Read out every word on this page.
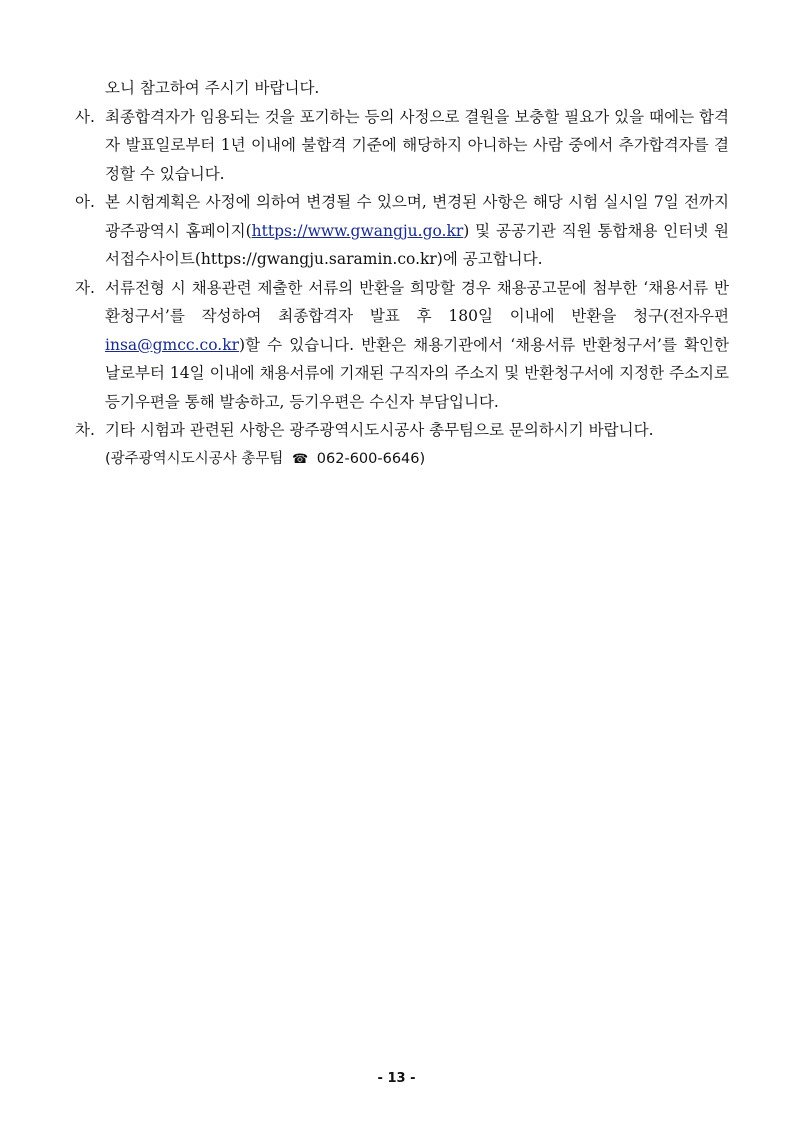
오니 참고하여 주시기 바랍니다.
사. 최종합격자가 임용되는 것을 포기하는 등의 사정으로 결원을 보충할 필요가 있을 때에는 합격자 발표일로부터 1년 이내에 불합격 기준에 해당하지 아니하는 사람 중에서 추가합격자를 결정할 수 있습니다.
아. 본 시험계획은 사정에 의하여 변경될 수 있으며, 변경된 사항은 해당 시험 실시일 7일 전까지 광주광역시 홈페이지(https://www.gwangju.go.kr) 및 공공기관 직원 통합채용 인터넷 원서접수사이트(https://gwangju.saramin.co.kr)에 공고합니다.
자. 서류전형 시 채용관련 제출한 서류의 반환을 희망할 경우 채용공고문에 첨부한 ‘채용서류 반환청구서’를 작성하여 최종합격자 발표 후 180일 이내에 반환을 청구(전자우편 insa@gmcc.co.kr)할 수 있습니다. 반환은 채용기관에서 ‘채용서류 반환청구서’를 확인한 날로부터 14일 이내에 채용서류에 기재된 구직자의 주소지 및 반환청구서에 지정한 주소지로 등기우편을 통해 발송하고, 등기우편은 수신자 부담입니다.
차. 기타 시험과 관련된 사항은 광주광역시도시공사 총무팀으로 문의하시기 바랍니다.
(광주광역시도시공사 총무팀 ☎ 062-600-6646)
- 13 -
